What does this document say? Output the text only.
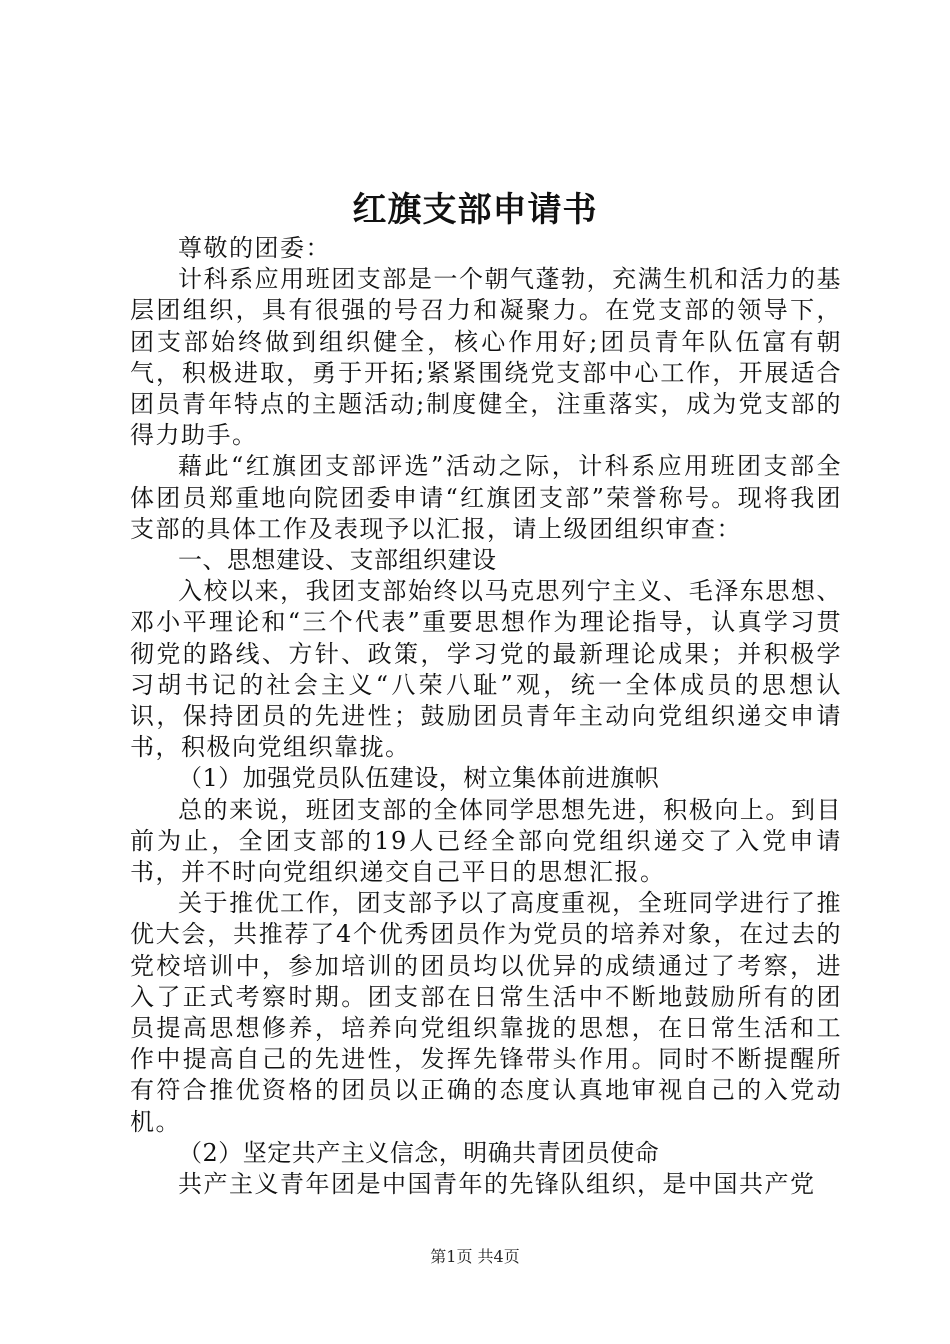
红旗支部申请书

尊敬的团委：

计科系应用班团支部是一个朝气蓬勃，充满生机和活力的基层团组织，具有很强的号召力和凝聚力。在党支部的领导下，团支部始终做到组织健全，核心作用好;团员青年队伍富有朝气，积极进取，勇于开拓;紧紧围绕党支部中心工作，开展适合团员青年特点的主题活动;制度健全，注重落实，成为党支部的得力助手。

藉此“红旗团支部评选”活动之际，计科系应用班团支部全体团员郑重地向院团委申请“红旗团支部”荣誉称号。现将我团支部的具体工作及表现予以汇报，请上级团组织审查：

一、思想建设、支部组织建设

入校以来，我团支部始终以马克思列宁主义、毛泽东思想、邓小平理论和“三个代表”重要思想作为理论指导，认真学习贯彻党的路线、方针、政策，学习党的最新理论成果；并积极学习胡书记的社会主义“八荣八耻”观，统一全体成员的思想认识，保持团员的先进性；鼓励团员青年主动向党组织递交申请书，积极向党组织靠拢。

（1）加强党员队伍建设，树立集体前进旗帜

总的来说，班团支部的全体同学思想先进，积极向上。到目前为止，全团支部的19人已经全部向党组织递交了入党申请书，并不时向党组织递交自己平日的思想汇报。

关于推优工作，团支部予以了高度重视，全班同学进行了推优大会，共推荐了4个优秀团员作为党员的培养对象，在过去的党校培训中，参加培训的团员均以优异的成绩通过了考察，进入了正式考察时期。团支部在日常生活中不断地鼓励所有的团员提高思想修养，培养向党组织靠拢的思想，在日常生活和工作中提高自己的先进性，发挥先锋带头作用。同时不断提醒所有符合推优资格的团员以正确的态度认真地审视自己的入党动机。

（2）坚定共产主义信念，明确共青团员使命

共产主义青年团是中国青年的先锋队组织，是中国共产党

第1页 共4页
